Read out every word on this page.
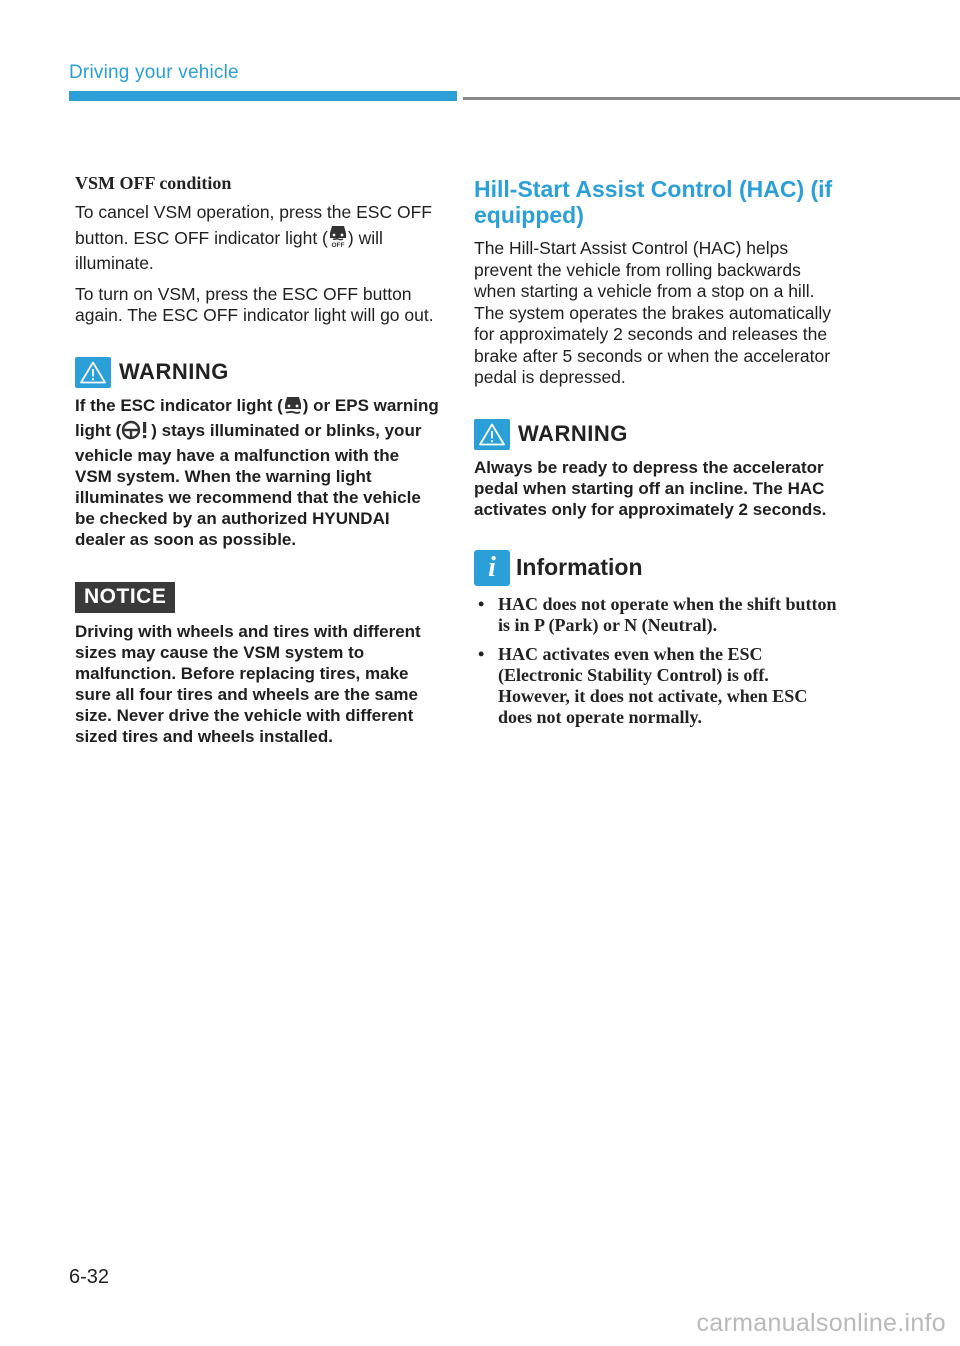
Driving your vehicle
VSM OFF condition

To cancel VSM operation, press the ESC OFF button. ESC OFF indicator light ( OFF ) will illuminate.

To turn on VSM, press the ESC OFF button again. The ESC OFF indicator light will go out.

WARNING

If the ESC indicator light ( ) or EPS warning light ( ) stays illuminated or blinks, your vehicle may have a malfunction with the VSM system. When the warning light illuminates we recommend that the vehicle be checked by an authorized HYUNDAI dealer as soon as possible.

NOTICE

Driving with wheels and tires with different sizes may cause the VSM system to malfunction. Before replacing tires, make sure all four tires and wheels are the same size. Never drive the vehicle with different sized tires and wheels installed.

Hill-Start Assist Control (HAC) (if equipped)

The Hill-Start Assist Control (HAC) helps prevent the vehicle from rolling backwards when starting a vehicle from a stop on a hill. The system operates the brakes automatically for approximately 2 seconds and releases the brake after 5 seconds or when the accelerator pedal is depressed.

WARNING

Always be ready to depress the accelerator pedal when starting off an incline. The HAC activates only for approximately 2 seconds.

i Information
• HAC does not operate when the shift button is in P (Park) or N (Neutral).
• HAC activates even when the ESC (Electronic Stability Control) is off. However, it does not activate, when ESC does not operate normally.
6-32
carmanualsonline.info
